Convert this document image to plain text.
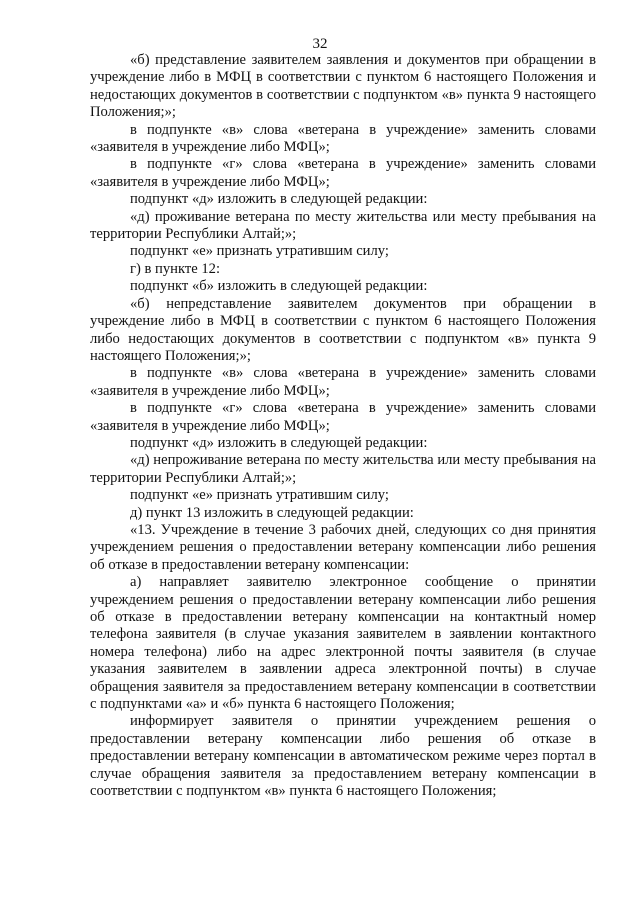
32

«б) представление заявителем заявления и документов при обращении в учреждение либо в МФЦ в соответствии с пунктом 6 настоящего Положения и недостающих документов в соответствии с подпунктом «в» пункта 9 настоящего Положения;»;

в подпункте «в» слова «ветерана в учреждение» заменить словами «заявителя в учреждение либо МФЦ»;

в подпункте «г» слова «ветерана в учреждение» заменить словами «заявителя в учреждение либо МФЦ»;

подпункт «д» изложить в следующей редакции:

«д) проживание ветерана по месту жительства или месту пребывания на территории Республики Алтай;»;

подпункт «е» признать утратившим силу;

г) в пункте 12:

подпункт «б» изложить в следующей редакции:

«б) непредставление заявителем документов при обращении в учреждение либо в МФЦ в соответствии с пунктом 6 настоящего Положения либо недостающих документов в соответствии с подпунктом «в» пункта 9 настоящего Положения;»;

в подпункте «в» слова «ветерана в учреждение» заменить словами «заявителя в учреждение либо МФЦ»;

в подпункте «г» слова «ветерана в учреждение» заменить словами «заявителя в учреждение либо МФЦ»;

подпункт «д» изложить в следующей редакции:

«д) непроживание ветерана по месту жительства или месту пребывания на территории Республики Алтай;»;

подпункт «е» признать утратившим силу;

д) пункт 13 изложить в следующей редакции:

«13. Учреждение в течение 3 рабочих дней, следующих со дня принятия учреждением решения о предоставлении ветерану компенсации либо решения об отказе в предоставлении ветерану компенсации:

а) направляет заявителю электронное сообщение о принятии учреждением решения о предоставлении ветерану компенсации либо решения об отказе в предоставлении ветерану компенсации на контактный номер телефона заявителя (в случае указания заявителем в заявлении контактного номера телефона) либо на адрес электронной почты заявителя (в случае указания заявителем в заявлении адреса электронной почты) в случае обращения заявителя за предоставлением ветерану компенсации в соответствии с подпунктами «а» и «б» пункта 6 настоящего Положения;

информирует заявителя о принятии учреждением решения о предоставлении ветерану компенсации либо решения об отказе в предоставлении ветерану компенсации в автоматическом режиме через портал в случае обращения заявителя за предоставлением ветерану компенсации в соответствии с подпунктом «в» пункта 6 настоящего Положения;
